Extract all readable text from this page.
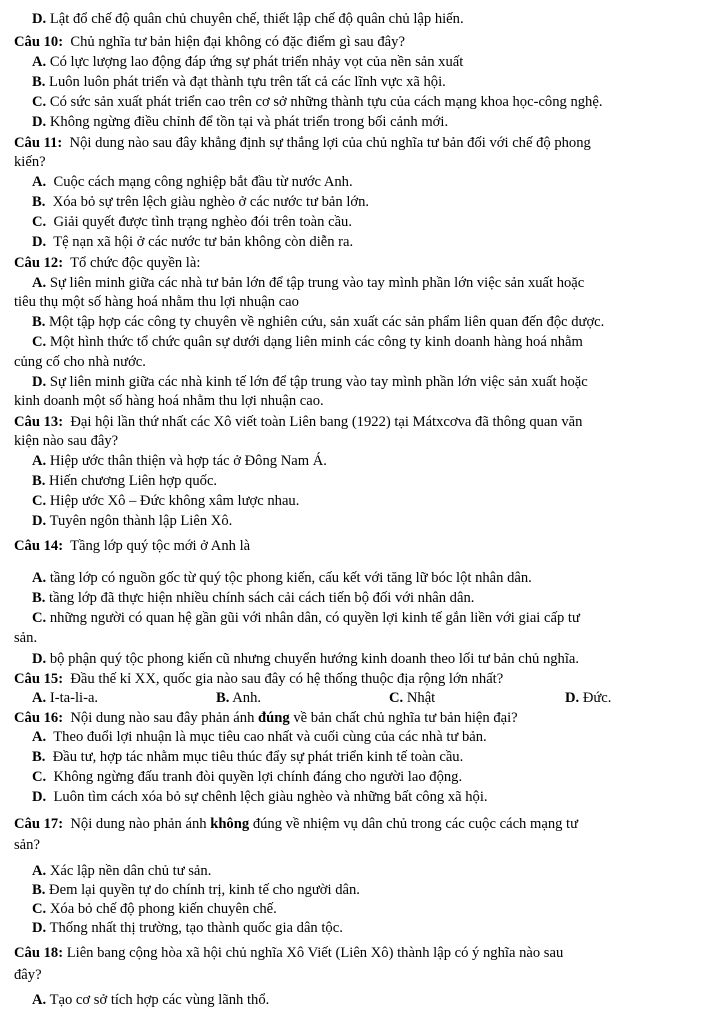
D. Lật đổ chế độ quân chủ chuyên chế, thiết lập chế độ quân chủ lập hiến.
Câu 10: Chủ nghĩa tư bản hiện đại không có đặc điểm gì sau đây?
A. Có lực lượng lao động đáp ứng sự phát triển nhảy vọt của nền sản xuất
B. Luôn luôn phát triển và đạt thành tựu trên tất cả các lĩnh vực xã hội.
C. Có sức sản xuất phát triển cao trên cơ sở những thành tựu của cách mạng khoa học-công nghệ.
D. Không ngừng điều chỉnh để tồn tại và phát triển trong bối cảnh mới.
Câu 11: Nội dung nào sau đây khẳng định sự thắng lợi của chủ nghĩa tư bản đối với chế độ phong
kiến?
A. Cuộc cách mạng công nghiệp bắt đầu từ nước Anh.
B. Xóa bỏ sự trên lệch giàu nghèo ở các nước tư bản lớn.
C. Giải quyết được tình trạng nghèo đói trên toàn cầu.
D. Tệ nạn xã hội ở các nước tư bản không còn diễn ra.
Câu 12: Tổ chức độc quyền là:
A. Sự liên minh giữa các nhà tư bản lớn để tập trung vào tay mình phần lớn việc sản xuất hoặc
tiêu thụ một số hàng hoá nhằm thu lợi nhuận cao
B. Một tập hợp các công ty chuyên về nghiên cứu, sản xuất các sản phẩm liên quan đến độc dược.
C. Một hình thức tổ chức quân sự dưới dạng liên minh các công ty kinh doanh hàng hoá nhằm
củng cố cho nhà nước.
D. Sự liên minh giữa các nhà kinh tế lớn để tập trung vào tay mình phần lớn việc sản xuất hoặc
kinh doanh một số hàng hoá nhằm thu lợi nhuận cao.
Câu 13: Đại hội lần thứ nhất các Xô viết toàn Liên bang (1922) tại Mátxcơva đã thông quan văn
kiện nào sau đây?
A. Hiệp ước thân thiện và hợp tác ở Đông Nam Á.
B. Hiến chương Liên hợp quốc.
C. Hiệp ước Xô – Đức không xâm lược nhau.
D. Tuyên ngôn thành lập Liên Xô.
Câu 14: Tầng lớp quý tộc mới ở Anh là
A. tầng lớp có nguồn gốc từ quý tộc phong kiến, cấu kết với tăng lữ bóc lột nhân dân.
B. tầng lớp đã thực hiện nhiều chính sách cải cách tiến bộ đối với nhân dân.
C. những người có quan hệ gần gũi với nhân dân, có quyền lợi kinh tế gắn liền với giai cấp tư
sản.
D. bộ phận quý tộc phong kiến cũ nhưng chuyển hướng kinh doanh theo lối tư bản chủ nghĩa.
Câu 15: Đầu thế kỉ XX, quốc gia nào sau đây có hệ thống thuộc địa rộng lớn nhất?
A. I-ta-li-a.	B. Anh.	C. Nhật	D. Đức.
Câu 16: Nội dung nào sau đây phản ánh đúng về bản chất chủ nghĩa tư bản hiện đại?
A. Theo đuổi lợi nhuận là mục tiêu cao nhất và cuối cùng của các nhà tư bản.
B. Đầu tư, hợp tác nhằm mục tiêu thúc đẩy sự phát triển kinh tế toàn cầu.
C. Không ngừng đấu tranh đòi quyền lợi chính đáng cho người lao động.
D. Luôn tìm cách xóa bỏ sự chênh lệch giàu nghèo và những bất công xã hội.
Câu 17: Nội dung nào phản ánh không đúng về nhiệm vụ dân chủ trong các cuộc cách mạng tư
sản?
A. Xác lập nền dân chủ tư sản.
B. Đem lại quyền tự do chính trị, kinh tế cho người dân.
C. Xóa bỏ chế độ phong kiến chuyên chế.
D. Thống nhất thị trường, tạo thành quốc gia dân tộc.
Câu 18: Liên bang cộng hòa xã hội chủ nghĩa Xô Viết (Liên Xô) thành lập có ý nghĩa nào sau
đây?
A. Tạo cơ sở tích hợp các vùng lãnh thổ.
